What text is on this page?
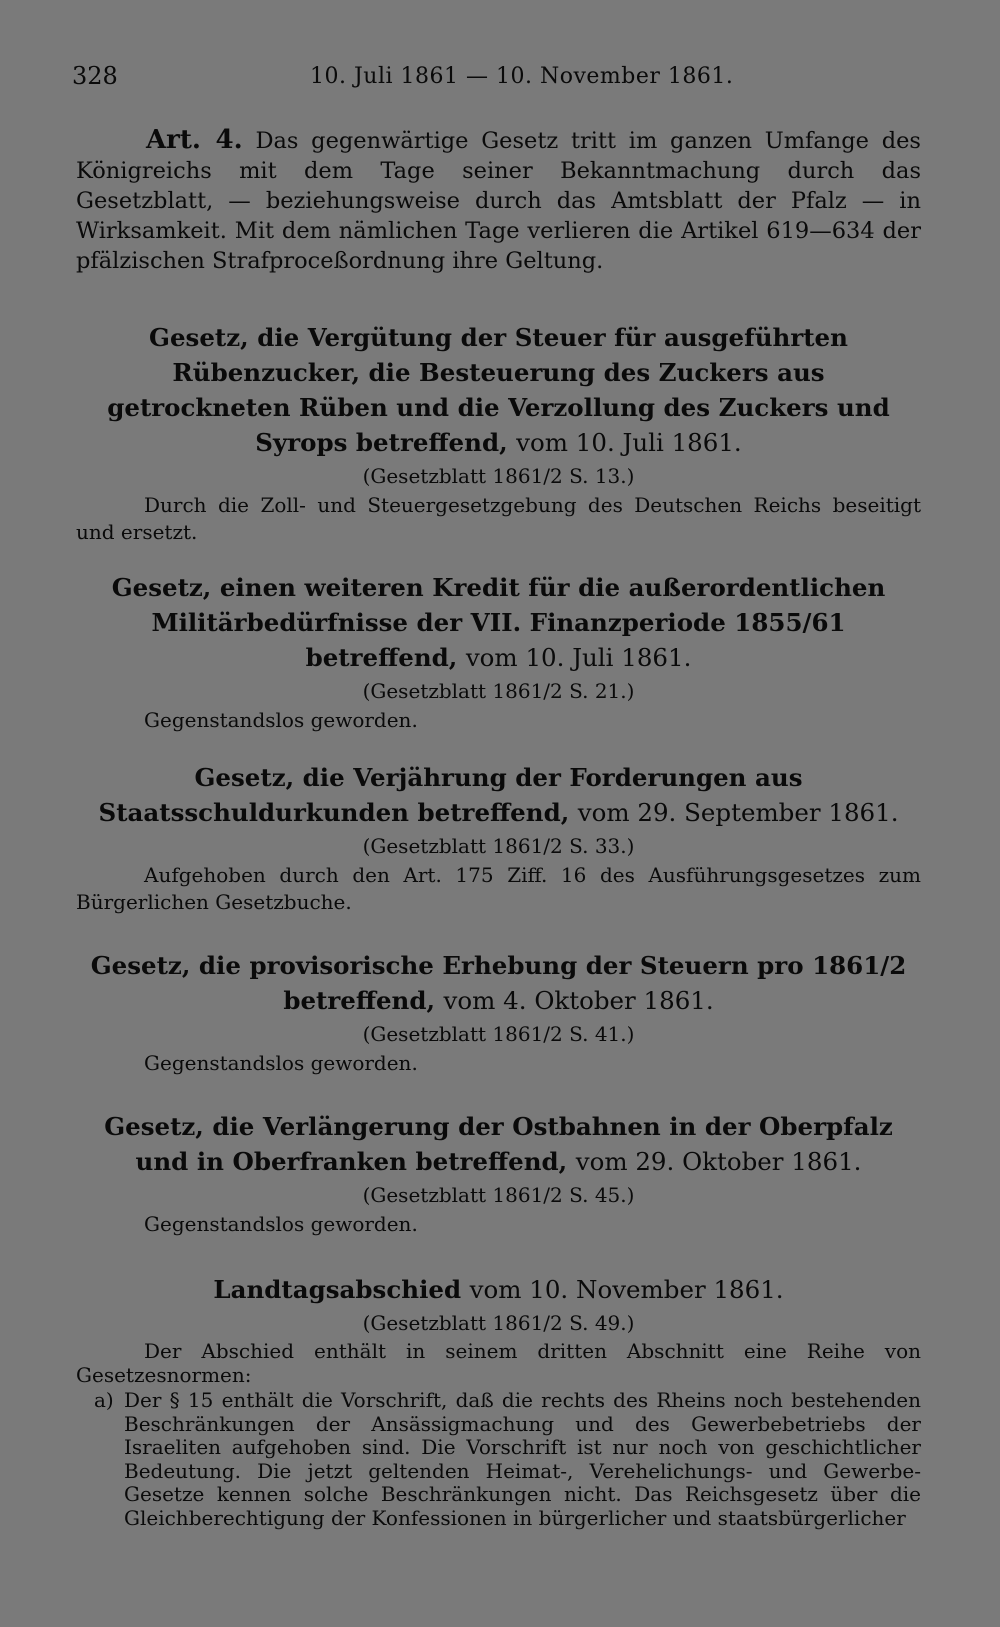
328	10. Juli 1861 — 10. November 1861.

Art. 4. Das gegenwärtige Gesetz tritt im ganzen Umfange des Königreichs mit dem Tage seiner Bekanntmachung durch das Gesetzblatt, — beziehungsweise durch das Amtsblatt der Pfalz — in Wirksamkeit. Mit dem nämlichen Tage verlieren die Artikel 619—634 der pfälzischen Strafproceßordnung ihre Geltung.

Gesetz, die Vergütung der Steuer für ausgeführten Rübenzucker, die Besteuerung des Zuckers aus getrockneten Rüben und die Verzollung des Zuckers und Syrops betreffend, vom 10. Juli 1861.
(Gesetzblatt 1861/2 S. 13.)

Durch die Zoll- und Steuergesetzgebung des Deutschen Reichs beseitigt und ersetzt.

Gesetz, einen weiteren Kredit für die außerordentlichen Militärbedürfnisse der VII. Finanzperiode 1855/61 betreffend, vom 10. Juli 1861.
(Gesetzblatt 1861/2 S. 21.)

Gegenstandslos geworden.

Gesetz, die Verjährung der Forderungen aus Staatsschuldurkunden betreffend, vom 29. September 1861.
(Gesetzblatt 1861/2 S. 33.)

Aufgehoben durch den Art. 175 Ziff. 16 des Ausführungsgesetzes zum Bürgerlichen Gesetzbuche.

Gesetz, die provisorische Erhebung der Steuern pro 1861/2 betreffend, vom 4. Oktober 1861.
(Gesetzblatt 1861/2 S. 41.)

Gegenstandslos geworden.

Gesetz, die Verlängerung der Ostbahnen in der Oberpfalz und in Oberfranken betreffend, vom 29. Oktober 1861.
(Gesetzblatt 1861/2 S. 45.)

Gegenstandslos geworden.

Landtagsabschied vom 10. November 1861.
(Gesetzblatt 1861/2 S. 49.)

Der Abschied enthält in seinem dritten Abschnitt eine Reihe von Gesetzesnormen:

a) Der § 15 enthält die Vorschrift, daß die rechts des Rheins noch bestehenden Beschränkungen der Ansässigmachung und des Gewerbebetriebs der Israeliten aufgehoben sind. Die Vorschrift ist nur noch von geschichtlicher Bedeutung. Die jetzt geltenden Heimat-, Verehelichungs- und Gewerbe-Gesetze kennen solche Beschränkungen nicht. Das Reichsgesetz über die Gleichberechtigung der Konfessionen in bürgerlicher und staatsbürgerlicher
